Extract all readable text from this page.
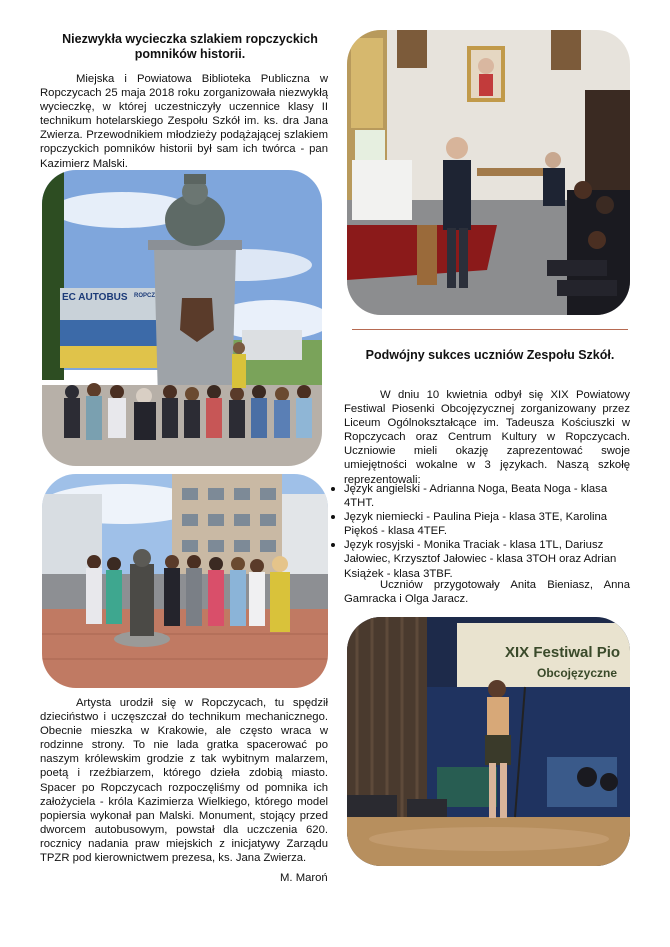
Niezwykła wycieczka szlakiem ropczyckich pomników historii.
Miejska i Powiatowa Biblioteka Publiczna w Ropczycach 25 maja 2018 roku zorganizowała niezwykłą wycieczkę, w której uczestniczyły uczennice klasy II technikum hotelarskiego Zespołu Szkół im. ks. dra Jana Zwierza. Przewodnikiem młodzieży podążającej szlakiem ropczyckich pomników historii był sam ich twórca - pan Kazimierz Malski.
EC AUTOBUS ROPCZ
Artysta urodził się w Ropczycach, tu spędził dzieciństwo i uczęszczał do technikum mechanicznego. Obecnie mieszka w Krakowie, ale często wraca w rodzinne strony. To nie lada gratka spacerować po naszym królewskim grodzie z tak wybitnym malarzem, poetą i rzeźbiarzem, którego dzieła zdobią miasto. Spacer po Ropczycach rozpoczęliśmy od pomnika ich założyciela - króla Kazimierza Wielkiego, którego model popiersia wykonał pan Malski. Monument, stojący przed dworcem autobusowym, powstał dla uczczenia 620. rocznicy nadania praw miejskich z inicjatywy Zarządu TPZR pod kierownictwem prezesa, ks. Jana Zwierza.
M. Maroń
Podwójny sukces uczniów Zespołu Szkół.
W dniu 10 kwietnia odbył się XIX Powiatowy Festiwal Piosenki Obcojęzycznej zorganizowany przez Liceum Ogólnokształcące im. Tadeusza Kościuszki w Ropczycach oraz Centrum Kultury w Ropczycach. Uczniowie mieli okazję zaprezentować swoje umiejętności wokalne w 3 językach. Naszą szkołę reprezentowali:
Język angielski - Adrianna Noga, Beata Noga - klasa 4THT.
Język niemiecki - Paulina Pieja - klasa 3TE, Karolina Piękoś - klasa 4TEF.
Język rosyjski - Monika Traciak - klasa 1TL, Dariusz Jałowiec, Krzysztof Jałowiec - klasa 3TOH oraz Adrian Książek - klasa 3TBF.
Uczniów przygotowały Anita Bieniasz, Anna Gamracka i Olga Jaracz.
XIX Festiwal Pio
Obcojęzyczne
